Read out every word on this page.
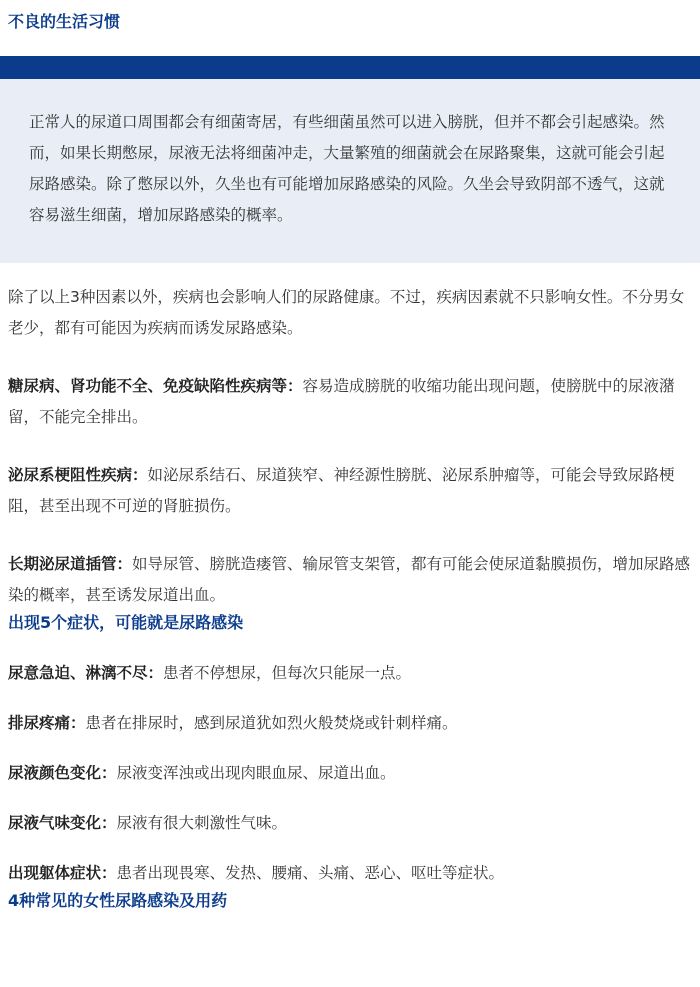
不良的生活习惯

正常人的尿道口周围都会有细菌寄居，有些细菌虽然可以进入膀胱，但并不都会引起感染。然而，如果长期憋尿，尿液无法将细菌冲走，大量繁殖的细菌就会在尿路聚集，这就可能会引起尿路感染。除了憋尿以外，久坐也有可能增加尿路感染的风险。久坐会导致阴部不透气，这就容易滋生细菌，增加尿路感染的概率。

除了以上3种因素以外，疾病也会影响人们的尿路健康。不过，疾病因素就不只影响女性。不分男女老少，都有可能因为疾病而诱发尿路感染。

糖尿病、肾功能不全、免疫缺陷性疾病等：容易造成膀胱的收缩功能出现问题，使膀胱中的尿液潴留，不能完全排出。

泌尿系梗阻性疾病：如泌尿系结石、尿道狭窄、神经源性膀胱、泌尿系肿瘤等，可能会导致尿路梗阻，甚至出现不可逆的肾脏损伤。

长期泌尿道插管：如导尿管、膀胱造瘘管、输尿管支架管，都有可能会使尿道黏膜损伤，增加尿路感染的概率，甚至诱发尿道出血。

出现5个症状，可能就是尿路感染

尿意急迫、淋漓不尽：患者不停想尿，但每次只能尿一点。

排尿疼痛：患者在排尿时，感到尿道犹如烈火般焚烧或针刺样痛。

尿液颜色变化：尿液变浑浊或出现肉眼血尿、尿道出血。

尿液气味变化：尿液有很大刺激性气味。

出现躯体症状：患者出现畏寒、发热、腰痛、头痛、恶心、呕吐等症状。

4种常见的女性尿路感染及用药
